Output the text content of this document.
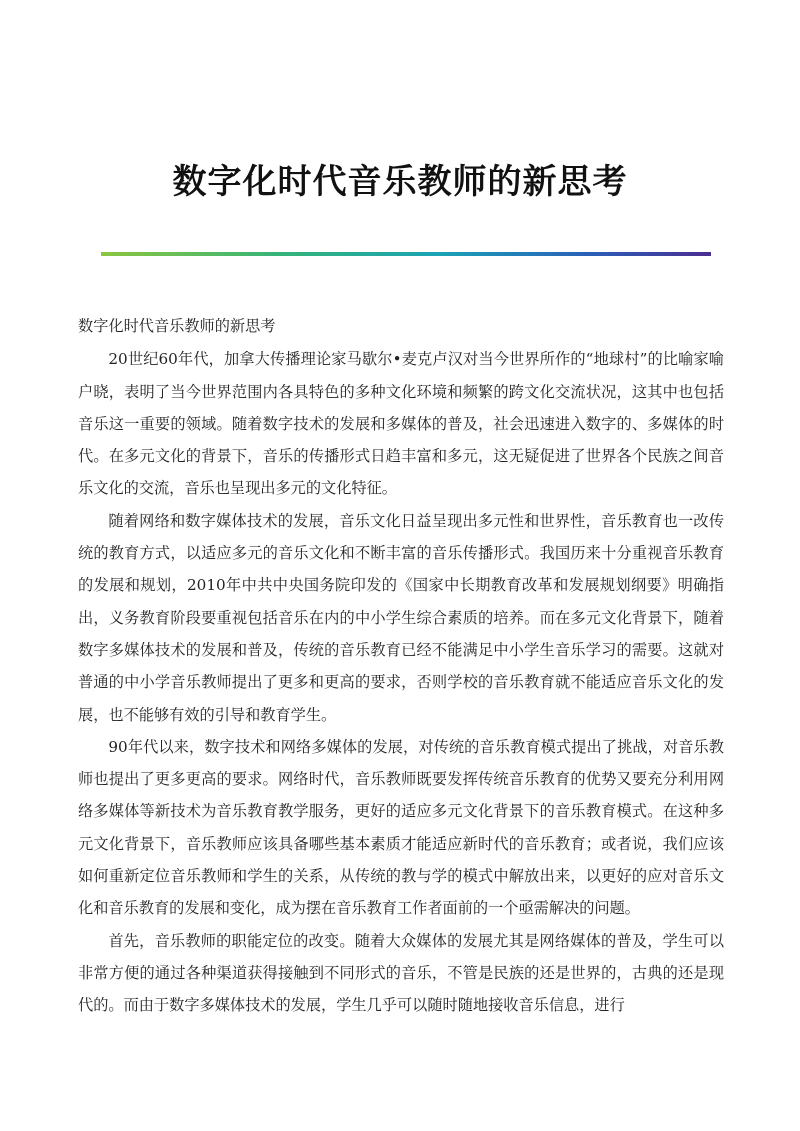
数字化时代音乐教师的新思考

数字化时代音乐教师的新思考

20世纪60年代，加拿大传播理论家马歇尔•麦克卢汉对当今世界所作的“地球村”的比喻家喻户晓，表明了当今世界范围内各具特色的多种文化环境和频繁的跨文化交流状况，这其中也包括音乐这一重要的领域。随着数字技术的发展和多媒体的普及，社会迅速进入数字的、多媒体的时代。在多元文化的背景下，音乐的传播形式日趋丰富和多元，这无疑促进了世界各个民族之间音乐文化的交流，音乐也呈现出多元的文化特征。

随着网络和数字媒体技术的发展，音乐文化日益呈现出多元性和世界性，音乐教育也一改传统的教育方式，以适应多元的音乐文化和不断丰富的音乐传播形式。我国历来十分重视音乐教育的发展和规划，2010年中共中央国务院印发的《国家中长期教育改革和发展规划纲要》明确指出，义务教育阶段要重视包括音乐在内的中小学生综合素质的培养。而在多元文化背景下，随着数字多媒体技术的发展和普及，传统的音乐教育已经不能满足中小学生音乐学习的需要。这就对普通的中小学音乐教师提出了更多和更高的要求，否则学校的音乐教育就不能适应音乐文化的发展，也不能够有效的引导和教育学生。

90年代以来，数字技术和网络多媒体的发展，对传统的音乐教育模式提出了挑战，对音乐教师也提出了更多更高的要求。网络时代，音乐教师既要发挥传统音乐教育的优势又要充分利用网络多媒体等新技术为音乐教育教学服务，更好的适应多元文化背景下的音乐教育模式。在这种多元文化背景下，音乐教师应该具备哪些基本素质才能适应新时代的音乐教育；或者说，我们应该如何重新定位音乐教师和学生的关系，从传统的教与学的模式中解放出来，以更好的应对音乐文化和音乐教育的发展和变化，成为摆在音乐教育工作者面前的一个亟需解决的问题。

首先，音乐教师的职能定位的改变。随着大众媒体的发展尤其是网络媒体的普及，学生可以非常方便的通过各种渠道获得接触到不同形式的音乐，不管是民族的还是世界的，古典的还是现代的。而由于数字多媒体技术的发展，学生几乎可以随时随地接收音乐信息，进行
